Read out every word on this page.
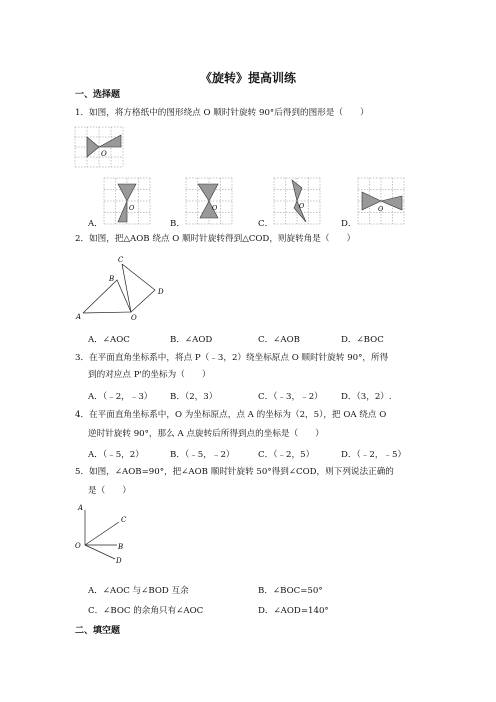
《旋转》提高训练
一、选择题
1．如图，将方格纸中的图形绕点 O 顺时针旋转 90°后得到的图形是（　　）
O
O	O	O	O
A．	B．	C．	D．
2．如图，把△AOB 绕点 O 顺时针旋转得到△COD，则旋转角是（　　）
A
B
C
D
O
A．∠AOC	B．∠AOD	C．∠AOB	D．∠BOC
3．在平面直角坐标系中，将点 P（﹣3，2）绕坐标原点 O 顺时针旋转 90°，所得
到的对应点 P'的坐标为（　　）
A．（﹣2，﹣3） B．（2，3）	C．（﹣3，﹣2） D．（3，2）.
4．在平面直角坐标系中，O 为坐标原点，点 A 的坐标为（2，5），把 OA 绕点 O
逆时针旋转 90°，那么 A 点旋转后所得到点的坐标是（　　）
A．（﹣5，2）	B．（﹣5，﹣2）	C．（﹣2，5）	D．（﹣2，﹣5）
5．如图，∠AOB=90°，把∠AOB 顺时针旋转 50°得到∠COD，则下列说法正确的
是（　　）
A
C
O	B
D
A．∠AOC 与∠BOD 互余	B．∠BOC=50°
C．∠BOC 的余角只有∠AOC	D．∠AOD=140°
二、填空题
